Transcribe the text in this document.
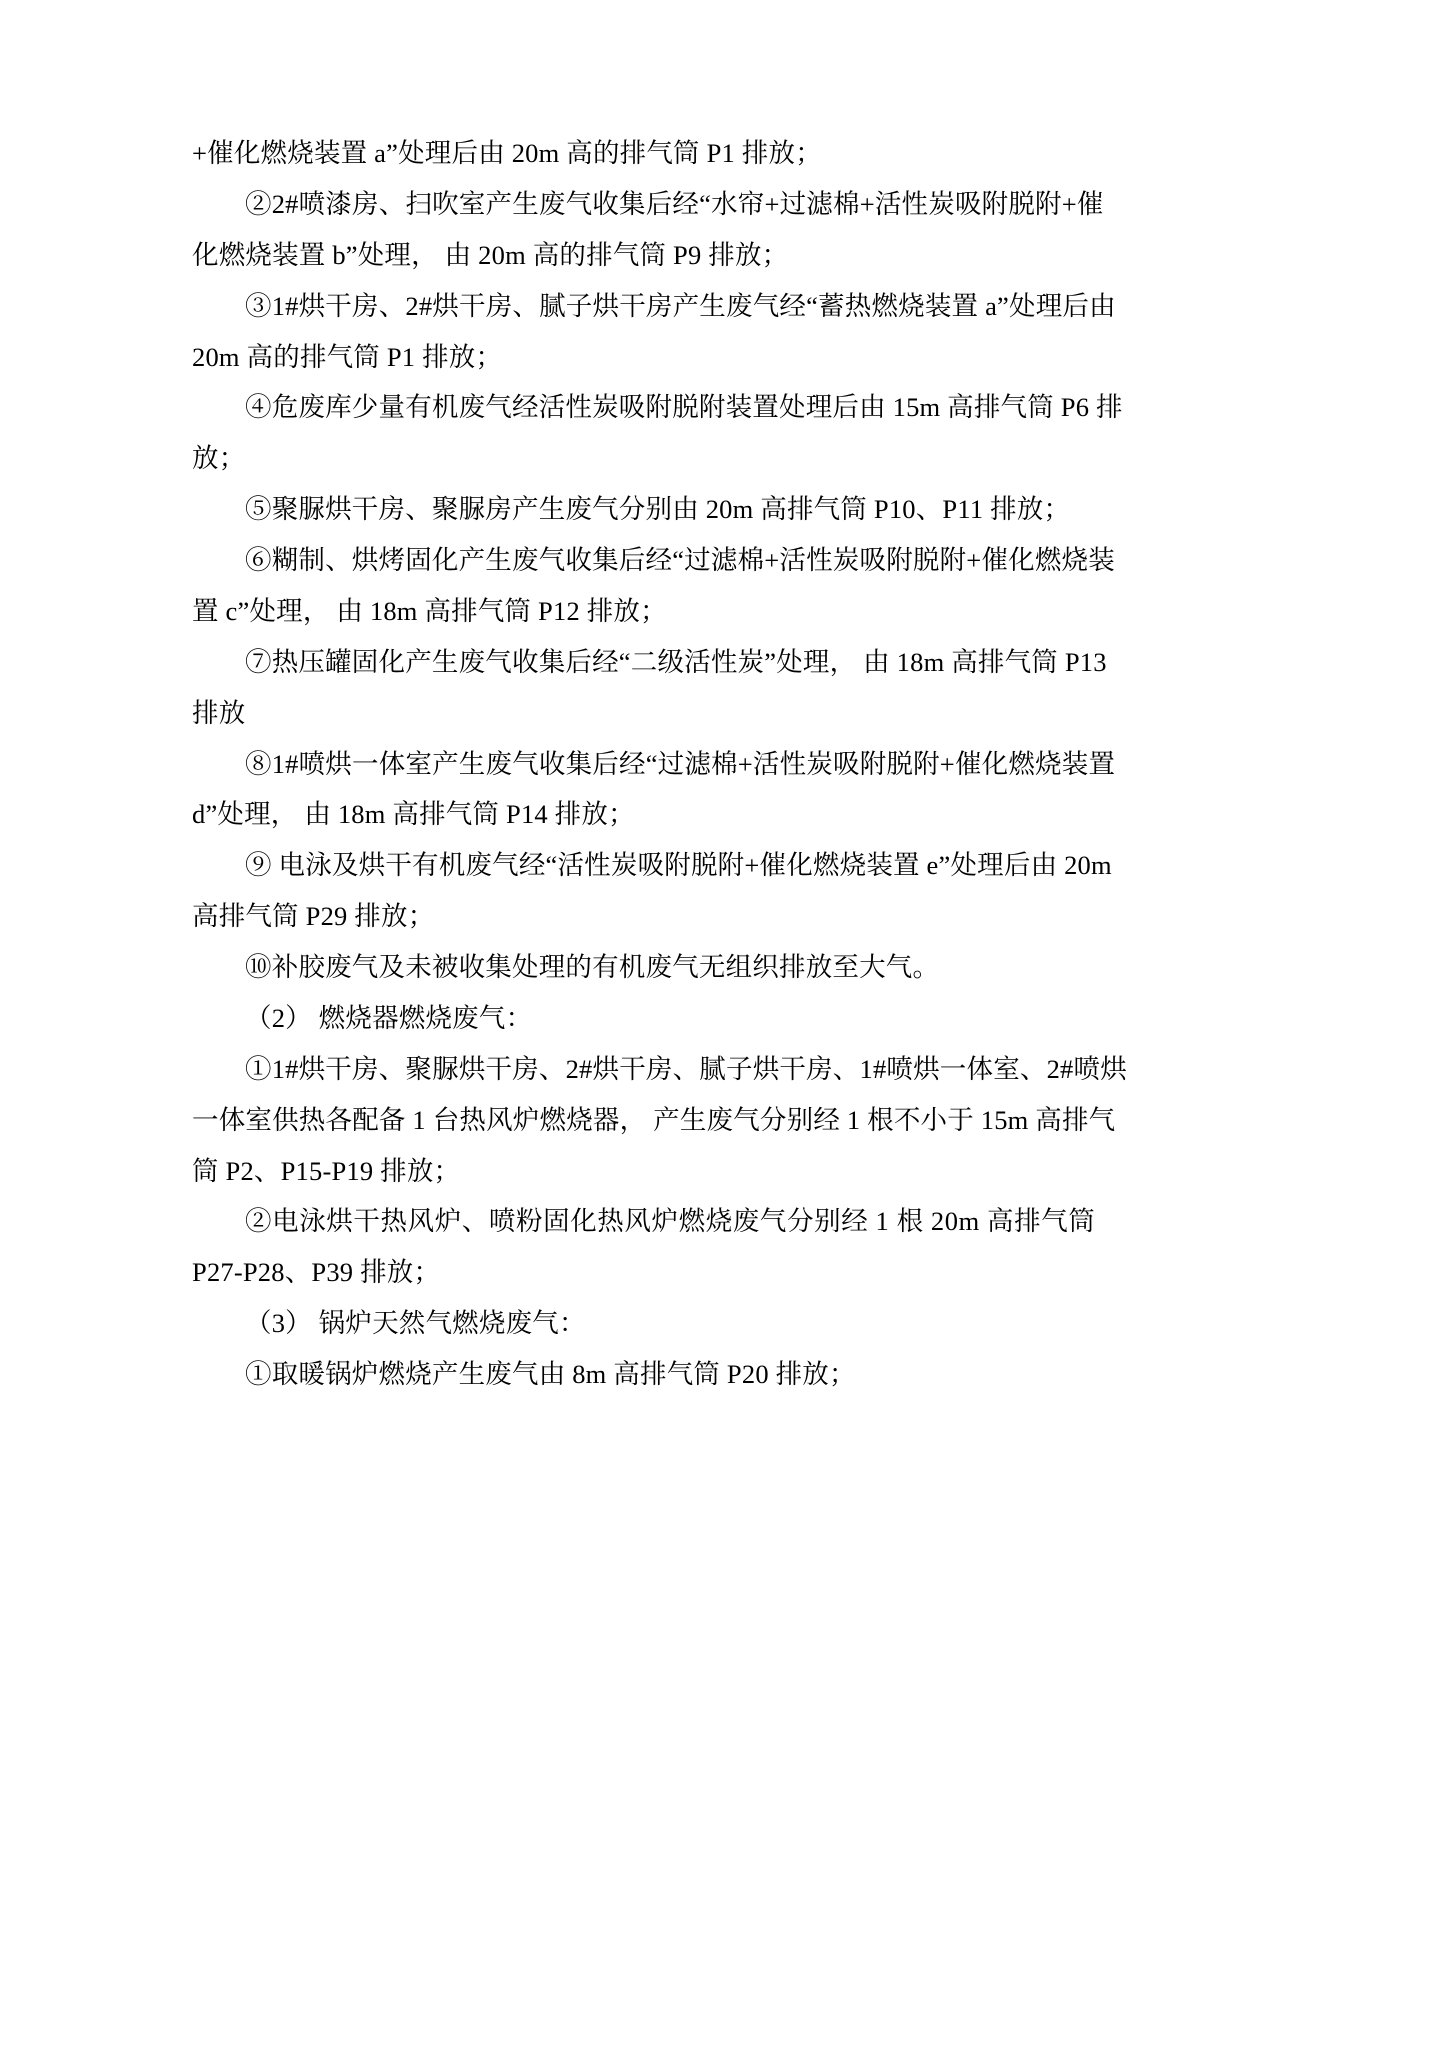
+催化燃烧装置 a”处理后由 20m 高的排气筒 P1 排放；

②2#喷漆房、扫吹室产生废气收集后经“水帘+过滤棉+活性炭吸附脱附+催

化燃烧装置 b”处理， 由 20m 高的排气筒 P9 排放；

③1#烘干房、2#烘干房、腻子烘干房产生废气经“蓄热燃烧装置 a”处理后由

20m 高的排气筒 P1 排放；

④危废库少量有机废气经活性炭吸附脱附装置处理后由 15m 高排气筒 P6 排

放；

⑤聚脲烘干房、聚脲房产生废气分别由 20m 高排气筒 P10、P11 排放；

⑥糊制、烘烤固化产生废气收集后经“过滤棉+活性炭吸附脱附+催化燃烧装

置 c”处理， 由 18m 高排气筒 P12 排放；

⑦热压罐固化产生废气收集后经“二级活性炭”处理， 由 18m 高排气筒 P13

排放

⑧1#喷烘一体室产生废气收集后经“过滤棉+活性炭吸附脱附+催化燃烧装置

d”处理， 由 18m 高排气筒 P14 排放；

⑨ 电泳及烘干有机废气经“活性炭吸附脱附+催化燃烧装置 e”处理后由 20m

高排气筒 P29 排放；

⑩补胶废气及未被收集处理的有机废气无组织排放至大气。

（2） 燃烧器燃烧废气：

①1#烘干房、聚脲烘干房、2#烘干房、腻子烘干房、1#喷烘一体室、2#喷烘

一体室供热各配备 1 台热风炉燃烧器， 产生废气分别经 1 根不小于 15m 高排气

筒 P2、P15-P19 排放；

②电泳烘干热风炉、喷粉固化热风炉燃烧废气分别经 1 根 20m 高排气筒

P27-P28、P39 排放；

（3） 锅炉天然气燃烧废气：

①取暖锅炉燃烧产生废气由 8m 高排气筒 P20 排放；
